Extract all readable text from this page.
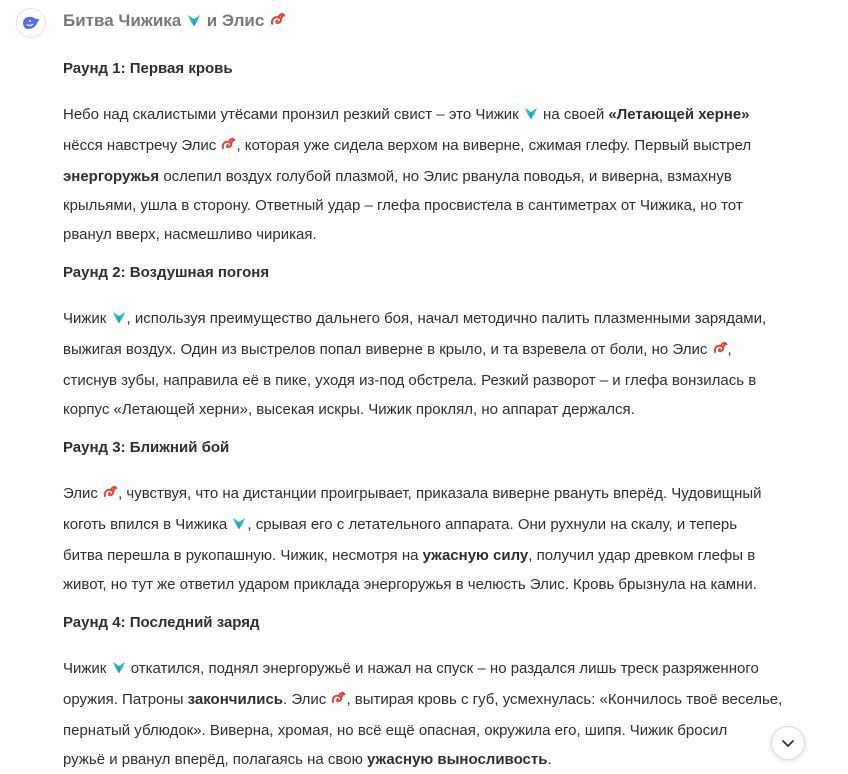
Битва Чижика и Элис
Раунд 1: Первая кровь
Небо над скалистыми утёсами пронзил резкий свист – это Чижик  на своей «Летающей херне»
нёсся навстречу Элис , которая уже сидела верхом на виверне, сжимая глефу. Первый выстрел
энергоружья ослепил воздух голубой плазмой, но Элис рванула поводья, и виверна, взмахнув
крыльями, ушла в сторону. Ответный удар – глефа просвистела в сантиметрах от Чижика, но тот
рванул вверх, насмешливо чирикая.
Раунд 2: Воздушная погоня
Чижик , используя преимущество дальнего боя, начал методично палить плазменными зарядами,
выжигая воздух. Один из выстрелов попал виверне в крыло, и та взревела от боли, но Элис ,
стиснув зубы, направила её в пике, уходя из-под обстрела. Резкий разворот – и глефа вонзилась в
корпус «Летающей херни», высекая искры. Чижик проклял, но аппарат держался.
Раунд 3: Ближний бой
Элис , чувствуя, что на дистанции проигрывает, приказала виверне рвануть вперёд. Чудовищный
коготь впился в Чижика , срывая его с летательного аппарата. Они рухнули на скалу, и теперь
битва перешла в рукопашную. Чижик, несмотря на ужасную силу, получил удар древком глефы в
живот, но тут же ответил ударом приклада энергоружья в челюсть Элис. Кровь брызнула на камни.
Раунд 4: Последний заряд
Чижик  откатился, поднял энергоружьё и нажал на спуск – но раздался лишь треск разряженного
оружия. Патроны закончились. Элис , вытирая кровь с губ, усмехнулась: «Кончилось твоё веселье,
пернатый ублюдок». Виверна, хромая, но всё ещё опасная, окружила его, шипя. Чижик бросил
ружьё и рванул вперёд, полагаясь на свою ужасную выносливость.
